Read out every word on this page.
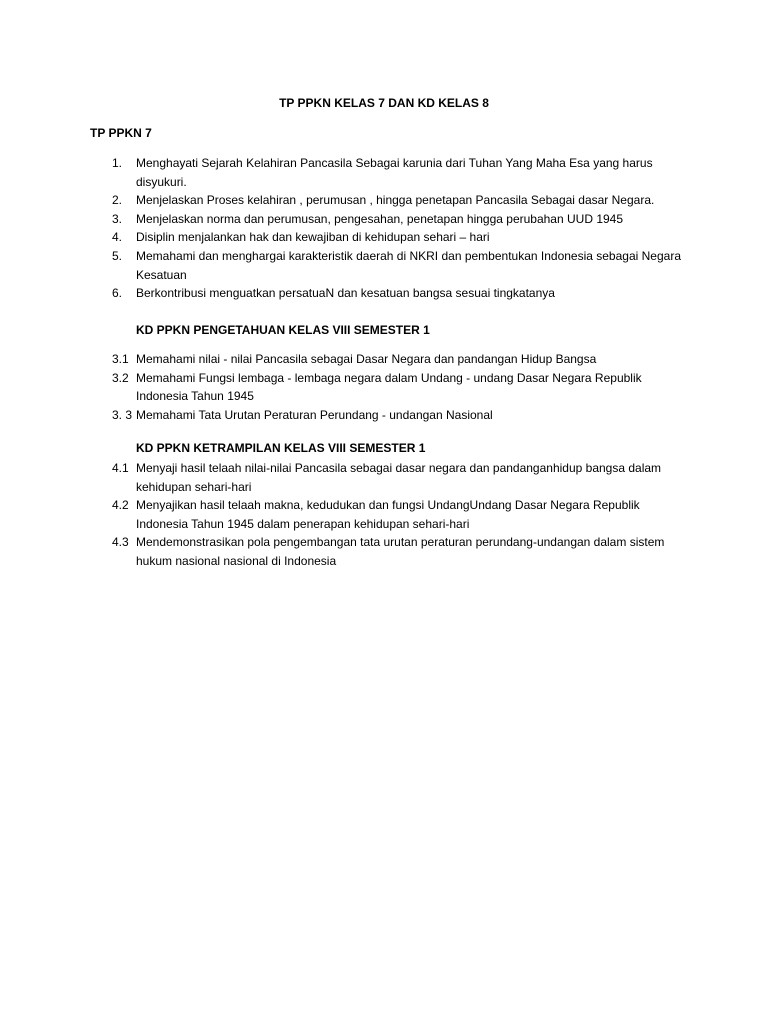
TP PPKN KELAS 7 DAN KD KELAS 8
TP PPKN 7
1. Menghayati Sejarah Kelahiran Pancasila Sebagai karunia dari Tuhan Yang Maha Esa yang harus disyukuri.
2. Menjelaskan Proses kelahiran , perumusan , hingga penetapan Pancasila Sebagai dasar Negara.
3. Menjelaskan norma dan perumusan, pengesahan, penetapan hingga perubahan UUD 1945
4. Disiplin menjalankan hak dan kewajiban di kehidupan sehari – hari
5. Memahami dan menghargai karakteristik daerah di NKRI dan pembentukan Indonesia sebagai Negara Kesatuan
6. Berkontribusi menguatkan persatuaN dan kesatuan bangsa sesuai tingkatanya
KD PPKN PENGETAHUAN KELAS VIII SEMESTER 1
3.1 Memahami nilai - nilai Pancasila sebagai Dasar Negara dan pandangan Hidup Bangsa
3.2 Memahami Fungsi lembaga - lembaga negara dalam Undang - undang Dasar Negara Republik Indonesia Tahun 1945
3. 3 Memahami Tata Urutan Peraturan Perundang - undangan Nasional
KD PPKN KETRAMPILAN KELAS VIII SEMESTER 1
4.1 Menyaji hasil telaah nilai-nilai Pancasila sebagai dasar negara dan pandanganhidup bangsa dalam kehidupan sehari-hari
4.2 Menyajikan hasil telaah makna, kedudukan dan fungsi UndangUndang Dasar Negara Republik Indonesia Tahun 1945 dalam penerapan kehidupan sehari-hari
4.3 Mendemonstrasikan pola pengembangan tata urutan peraturan perundang-undangan dalam sistem hukum nasional nasional di Indonesia
